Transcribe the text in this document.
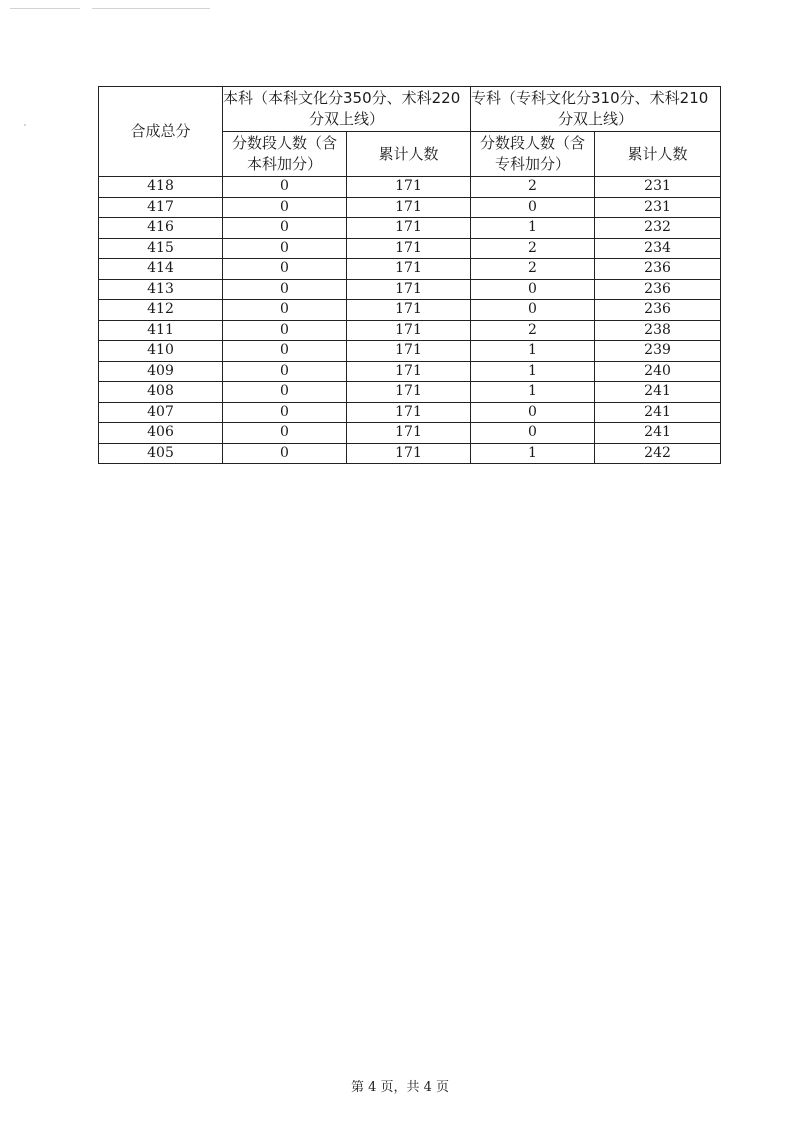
合成总分	本科（本科文化分350分、术科220
分双上线）		专科（专科文化分310分、术科210
分双上线）	

	分数段人数（含
本科加分）	累计人数	分数段人数（含
专科加分）	累计人数
418	0	171	2	231
417	0	171	0	231
416	0	171	1	232
415	0	171	2	234
414	0	171	2	236
413	0	171	0	236
412	0	171	0	236
411	0	171	2	238
410	0	171	1	239
409	0	171	1	240
408	0	171	1	241
407	0	171	0	241
406	0	171	0	241
405	0	171	1	242
第 4 页，共 4 页
